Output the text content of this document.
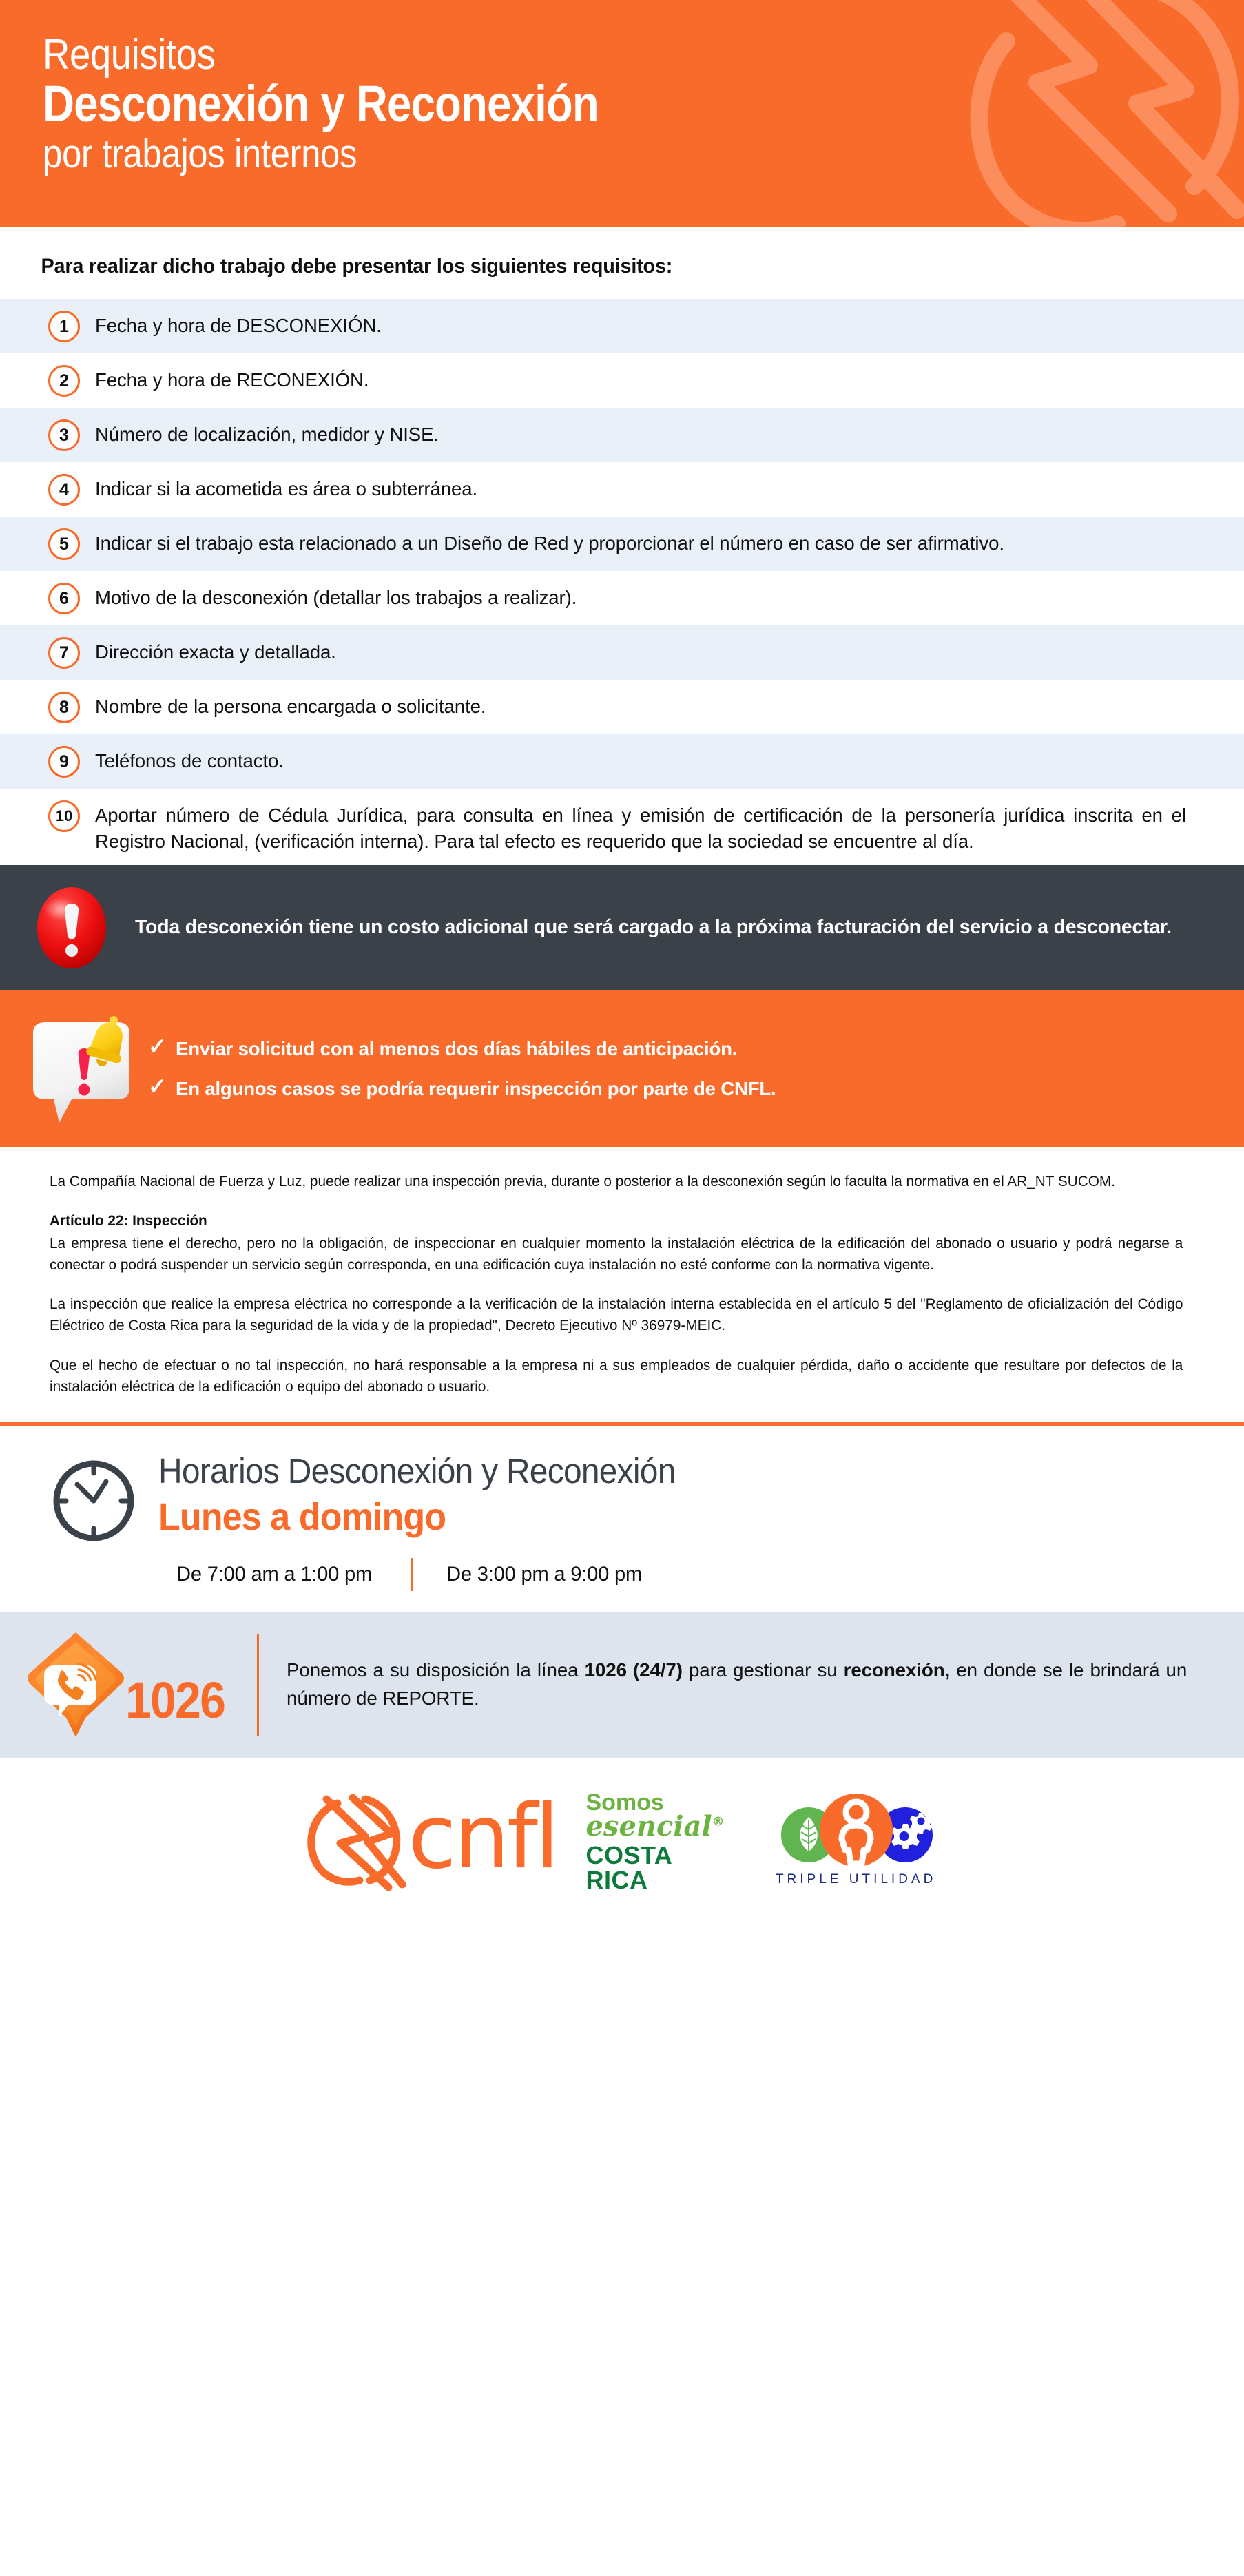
Requisitos
Desconexión y Reconexión
por trabajos internos
Para realizar dicho trabajo debe presentar los siguientes requisitos:
1	Fecha y hora de DESCONEXIÓN.
2	Fecha y hora de RECONEXIÓN.
3	Número de localización, medidor y NISE.
4	Indicar si la acometida es área o subterránea.
5	Indicar si el trabajo esta relacionado a un Diseño de Red y proporcionar el número en caso de ser afirmativo.
6	Motivo de la desconexión (detallar los trabajos a realizar).
7	Dirección exacta y detallada.
8	Nombre de la persona encargada o solicitante.
9	Teléfonos de contacto.
10	Aportar número de Cédula Jurídica, para consulta en línea y emisión de certificación de la personería jurídica inscrita en el Registro Nacional, (verificación interna). Para tal efecto es requerido que la sociedad se encuentre al día.
Toda desconexión tiene un costo adicional que será cargado a la próxima facturación del servicio a desconectar.
✓ Enviar solicitud con al menos dos días hábiles de anticipación.
✓ En algunos casos se podría requerir inspección por parte de CNFL.

La Compañía Nacional de Fuerza y Luz, puede realizar una inspección previa, durante o posterior a la desconexión según lo faculta la normativa en el AR_NT SUCOM.

Artículo 22: Inspección

La empresa tiene el derecho, pero no la obligación, de inspeccionar en cualquier momento la instalación eléctrica de la edificación del abonado o usuario y podrá negarse a conectar o podrá suspender un servicio según corresponda, en una edificación cuya instalación no esté conforme con la normativa vigente.

La inspección que realice la empresa eléctrica no corresponde a la verificación de la instalación interna establecida en el artículo 5 del "Reglamento de oficialización del Código Eléctrico de Costa Rica para la seguridad de la vida y de la propiedad", Decreto Ejecutivo Nº 36979-MEIC.

Que el hecho de efectuar o no tal inspección, no hará responsable a la empresa ni a sus empleados de cualquier pérdida, daño o accidente que resultare por defectos de la instalación eléctrica de la edificación o equipo del abonado o usuario.

Horarios Desconexión y Reconexión
Lunes a domingo
De 7:00 am a 1:00 pm	De 3:00 pm a 9:00 pm
1026
Ponemos a su disposición la línea 1026 (24/7) para gestionar su reconexión, en donde se le brindará un número de REPORTE.
cnfl Somos
esencial®
COSTA
RICA	TRIPLE UTILIDAD
